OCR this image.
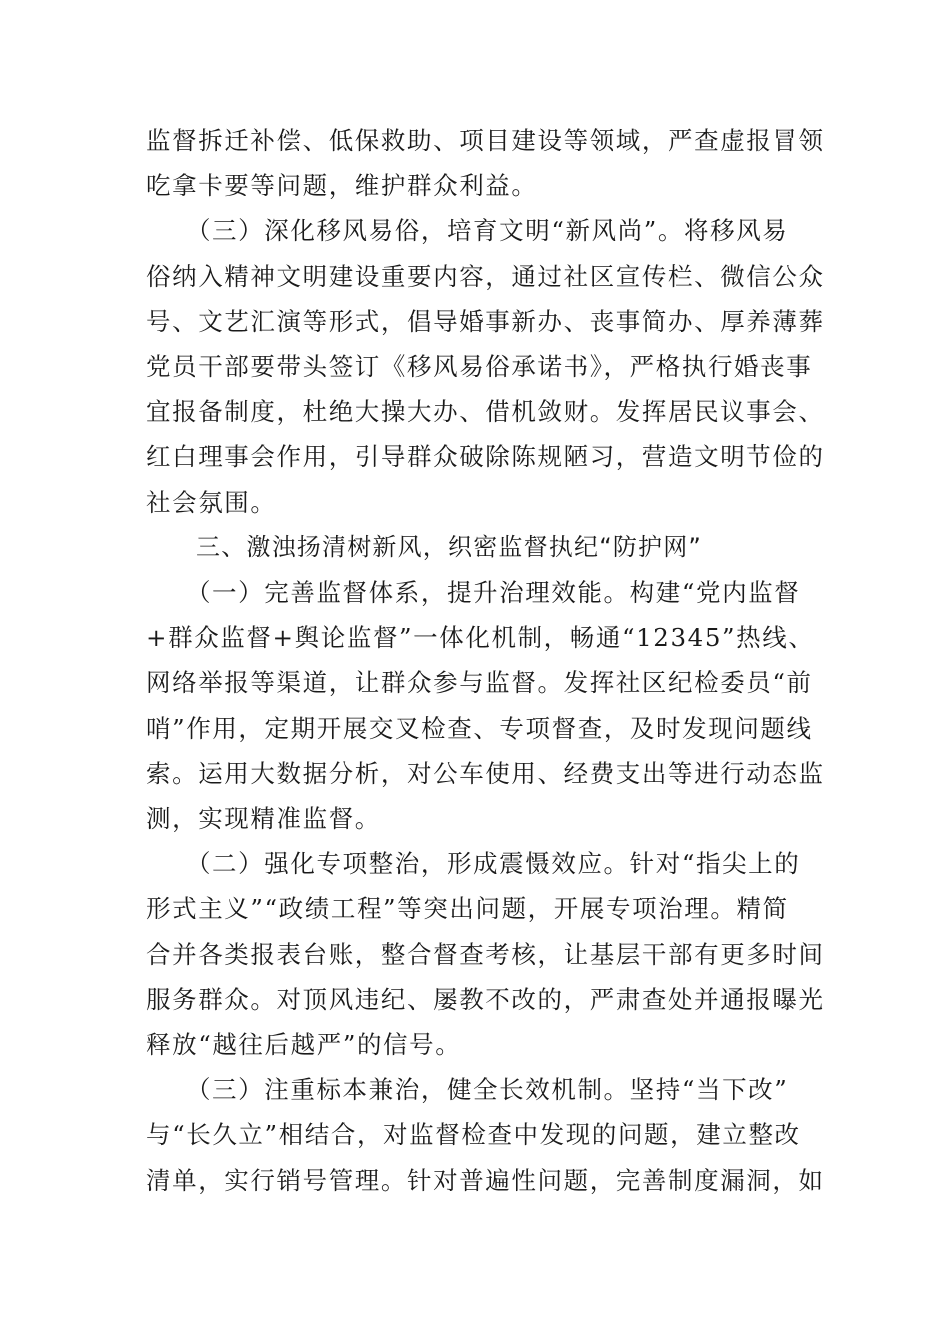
监督拆迁补偿、低保救助、项目建设等领域，严查虚报冒领
吃拿卡要等问题，维护群众利益。

　　（三）深化移风易俗，培育文明“新风尚”。将移风易
俗纳入精神文明建设重要内容，通过社区宣传栏、微信公众
号、文艺汇演等形式，倡导婚事新办、丧事简办、厚养薄葬
党员干部要带头签订《移风易俗承诺书》，严格执行婚丧事
宜报备制度，杜绝大操大办、借机敛财。发挥居民议事会、
红白理事会作用，引导群众破除陈规陋习，营造文明节俭的
社会氛围。

三、激浊扬清树新风，织密监督执纪“防护网”

　　（一）完善监督体系，提升治理效能。构建“党内监督
+群众监督+舆论监督”一体化机制，畅通“12345”热线、
网络举报等渠道，让群众参与监督。发挥社区纪检委员“前
哨”作用，定期开展交叉检查、专项督查，及时发现问题线
索。运用大数据分析，对公车使用、经费支出等进行动态监
测，实现精准监督。

　　（二）强化专项整治，形成震慑效应。针对“指尖上的
形式主义”“政绩工程”等突出问题，开展专项治理。精简
合并各类报表台账，整合督查考核，让基层干部有更多时间
服务群众。对顶风违纪、屡教不改的，严肃查处并通报曝光
释放“越往后越严”的信号。

　　（三）注重标本兼治，健全长效机制。坚持“当下改”
与“长久立”相结合，对监督检查中发现的问题，建立整改
清单，实行销号管理。针对普遍性问题，完善制度漏洞，如
